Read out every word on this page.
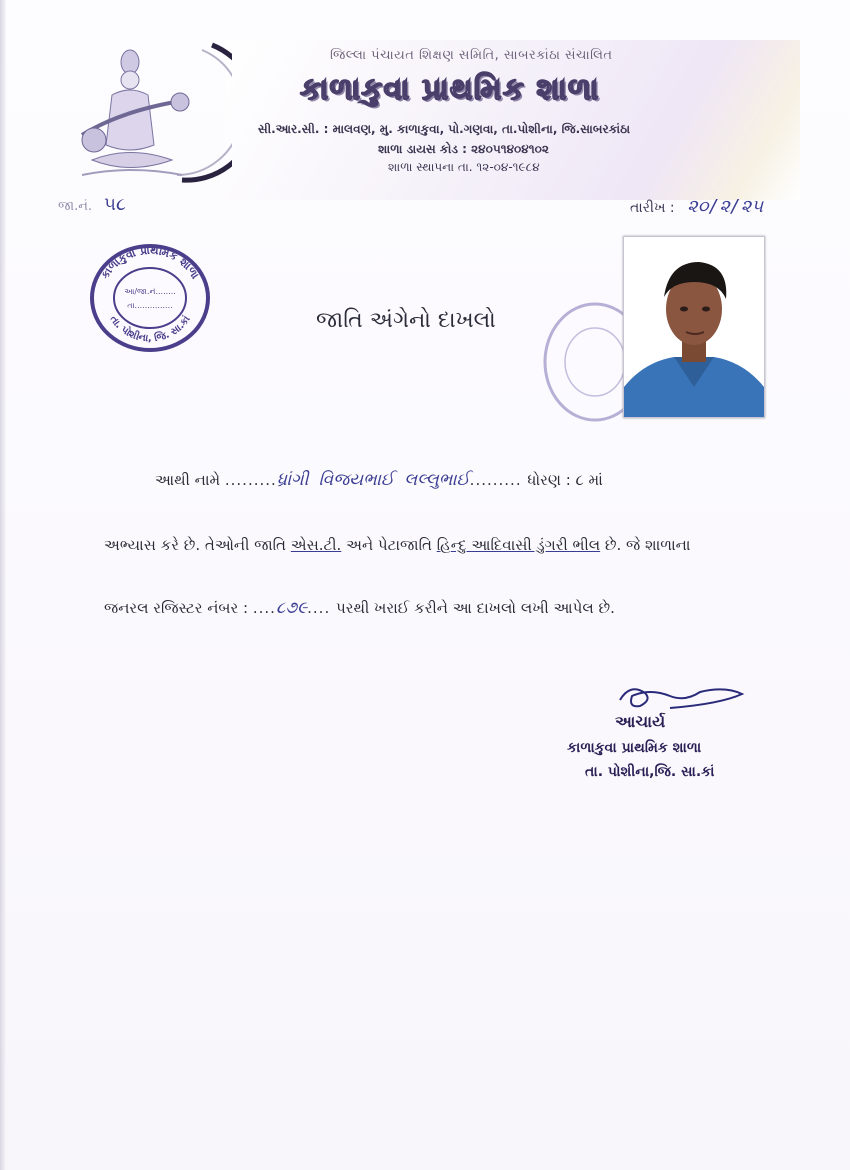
જિલ્લા પંચાયત શિક્ષણ સમિતિ, સાબરકાંઠા સંચાલિત
કાળાકુવા પ્રાથમિક શાળા
સી.આર.સી. : માલવણ, મુ. કાળાકુવા, પો.ગણવા, તા.પોશીના, જિ.સાબરકાંઠા
શાળા ડાયસ કોડ : ૨૪૦૫૧૪૦૪૧૦૨
શાળા સ્થાપના તા. ૧૨-૦૪-૧૯૮૪
જા.નં. ૫૮	તારીખ : ૨૦/૨/૨૫
કાળાકુવા પ્રાથમિક શાળા
તા. પોશીના, જિ. સા.કાં
આ/જા.નં........
તા...............
જાતિ અંગેનો દાખલો
આથી નામે .........ધ્રાંગી વિજયભાઈ લલ્લુભાઈ......... ધોરણ : ૮ માં
અભ્યાસ કરે છે. તેઓની જાતિ એસ.ટી. અને પેટાજાતિ હિન્દુ આદિવાસી ડુંગરી ભીલ છે. જે શાળાના
જનરલ રજિસ્ટર નંબર : ....૮૭૯.... પરથી ખરાઈ કરીને આ દાખલો લખી આપેલ છે.
આચાર્ય
કાળાકુવા પ્રાથમિક શાળા
તા. પોશીના,જિ. સા.કાં
